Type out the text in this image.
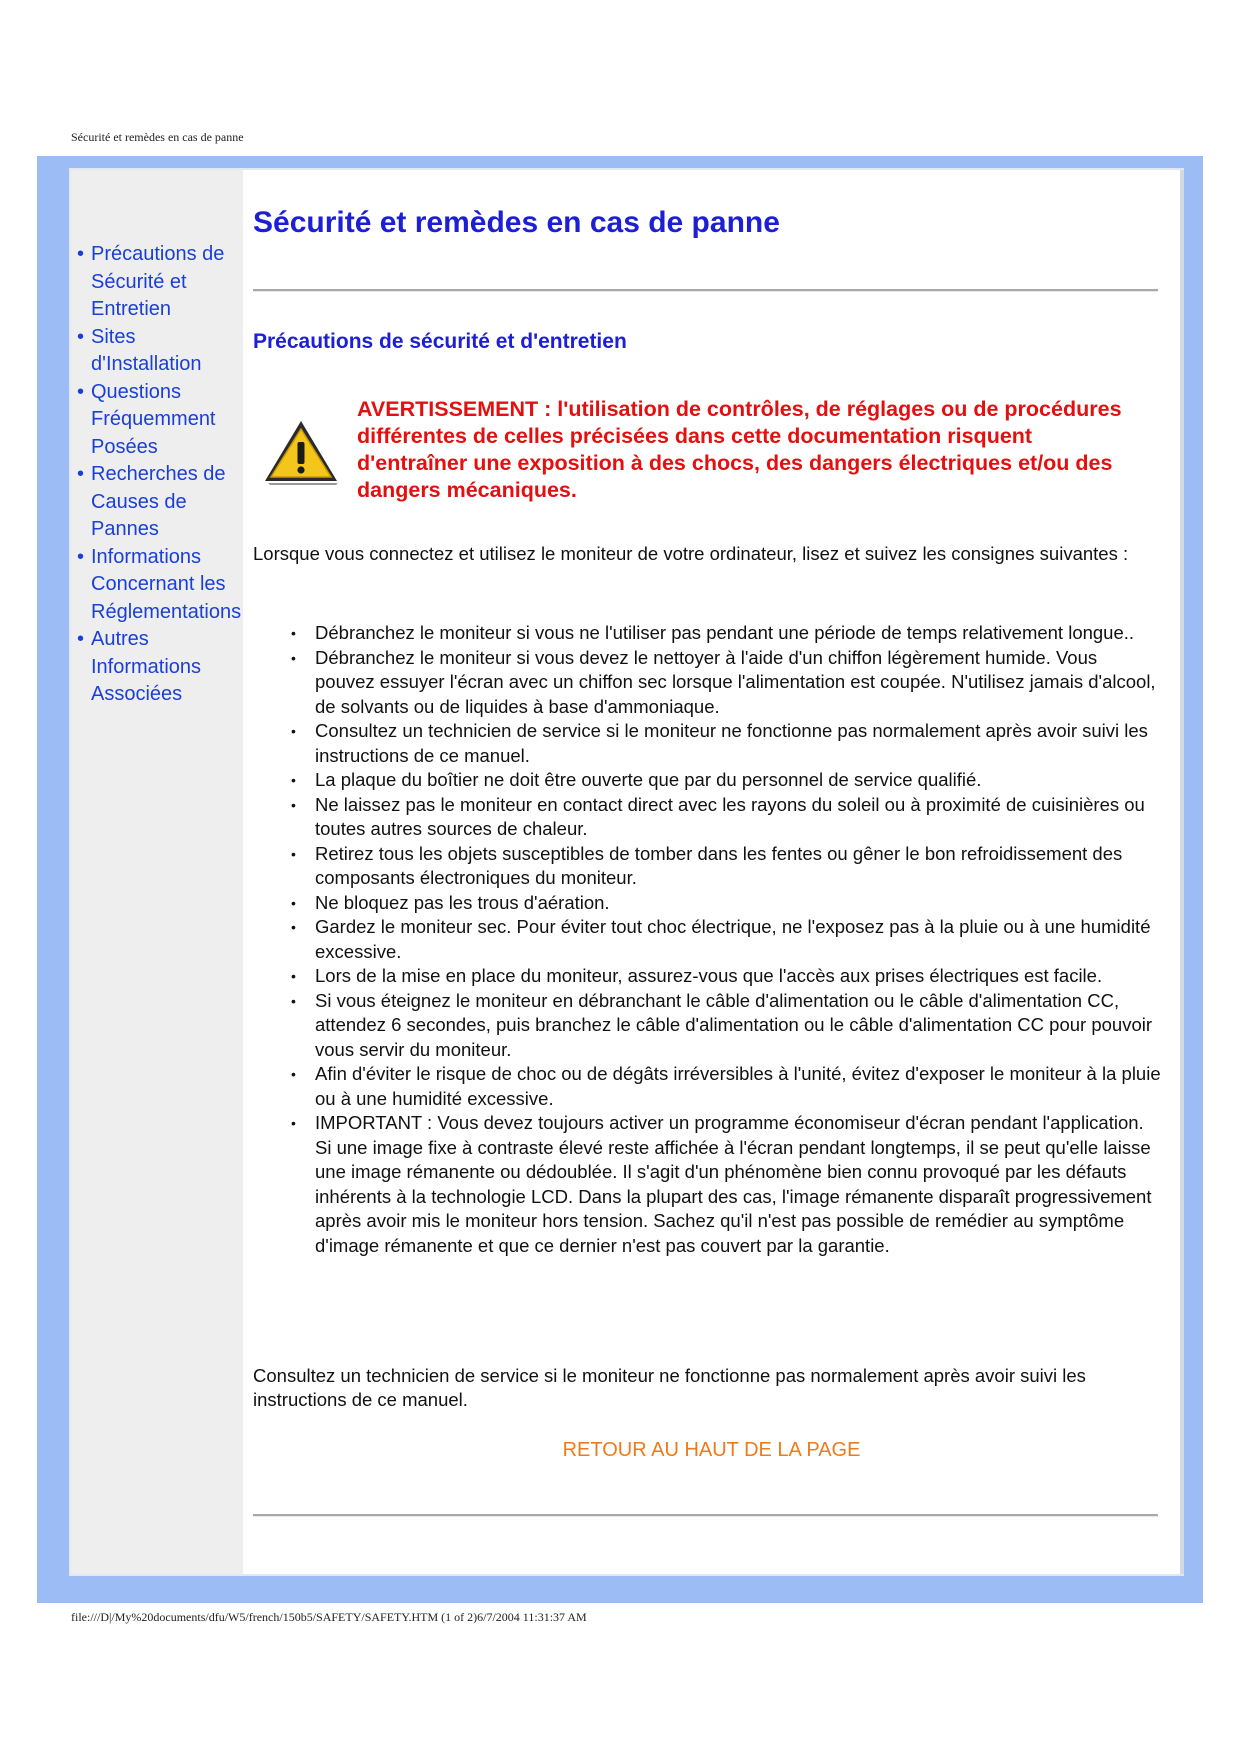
Sécurité et remèdes en cas de panne
• Précautions de
Sécurité et
Entretien
• Sites
d'Installation
• Questions
Fréquemment
Posées
• Recherches de
Causes de
Pannes
• Informations
Concernant les
Réglementations
• Autres
Informations
Associées
Sécurité et remèdes en cas de panne
Précautions de sécurité et d'entretien

AVERTISSEMENT : l'utilisation de contrôles, de réglages ou de procédures différentes de celles précisées dans cette documentation risquent d'entraîner une exposition à des chocs, des dangers électriques et/ou des dangers mécaniques.

Lorsque vous connectez et utilisez le moniteur de votre ordinateur, lisez et suivez les consignes suivantes :

• Débranchez le moniteur si vous ne l'utiliser pas pendant une période de temps relativement longue..
• Débranchez le moniteur si vous devez le nettoyer à l'aide d'un chiffon légèrement humide. Vous pouvez essuyer l'écran avec un chiffon sec lorsque l'alimentation est coupée. N'utilisez jamais d'alcool, de solvants ou de liquides à base d'ammoniaque.
• Consultez un technicien de service si le moniteur ne fonctionne pas normalement après avoir suivi les instructions de ce manuel.
• La plaque du boîtier ne doit être ouverte que par du personnel de service qualifié.
• Ne laissez pas le moniteur en contact direct avec les rayons du soleil ou à proximité de cuisinières ou toutes autres sources de chaleur.
• Retirez tous les objets susceptibles de tomber dans les fentes ou gêner le bon refroidissement des composants électroniques du moniteur.
• Ne bloquez pas les trous d'aération.
• Gardez le moniteur sec. Pour éviter tout choc électrique, ne l'exposez pas à la pluie ou à une humidité excessive.
• Lors de la mise en place du moniteur, assurez-vous que l'accès aux prises électriques est facile.
• Si vous éteignez le moniteur en débranchant le câble d'alimentation ou le câble d'alimentation CC, attendez 6 secondes, puis branchez le câble d'alimentation ou le câble d'alimentation CC pour pouvoir vous servir du moniteur.
• Afin d'éviter le risque de choc ou de dégâts irréversibles à l'unité, évitez d'exposer le moniteur à la pluie ou à une humidité excessive.
• IMPORTANT : Vous devez toujours activer un programme économiseur d'écran pendant l'application. Si une image fixe à contraste élevé reste affichée à l'écran pendant longtemps, il se peut qu'elle laisse une image rémanente ou dédoublée. Il s'agit d'un phénomène bien connu provoqué par les défauts inhérents à la technologie LCD. Dans la plupart des cas, l'image rémanente disparaît progressivement après avoir mis le moniteur hors tension. Sachez qu'il n'est pas possible de remédier au symptôme d'image rémanente et que ce dernier n'est pas couvert par la garantie.

Consultez un technicien de service si le moniteur ne fonctionne pas normalement après avoir suivi les instructions de ce manuel.

RETOUR AU HAUT DE LA PAGE
file:///D|/My%20documents/dfu/W5/french/150b5/SAFETY/SAFETY.HTM (1 of 2)6/7/2004 11:31:37 AM
